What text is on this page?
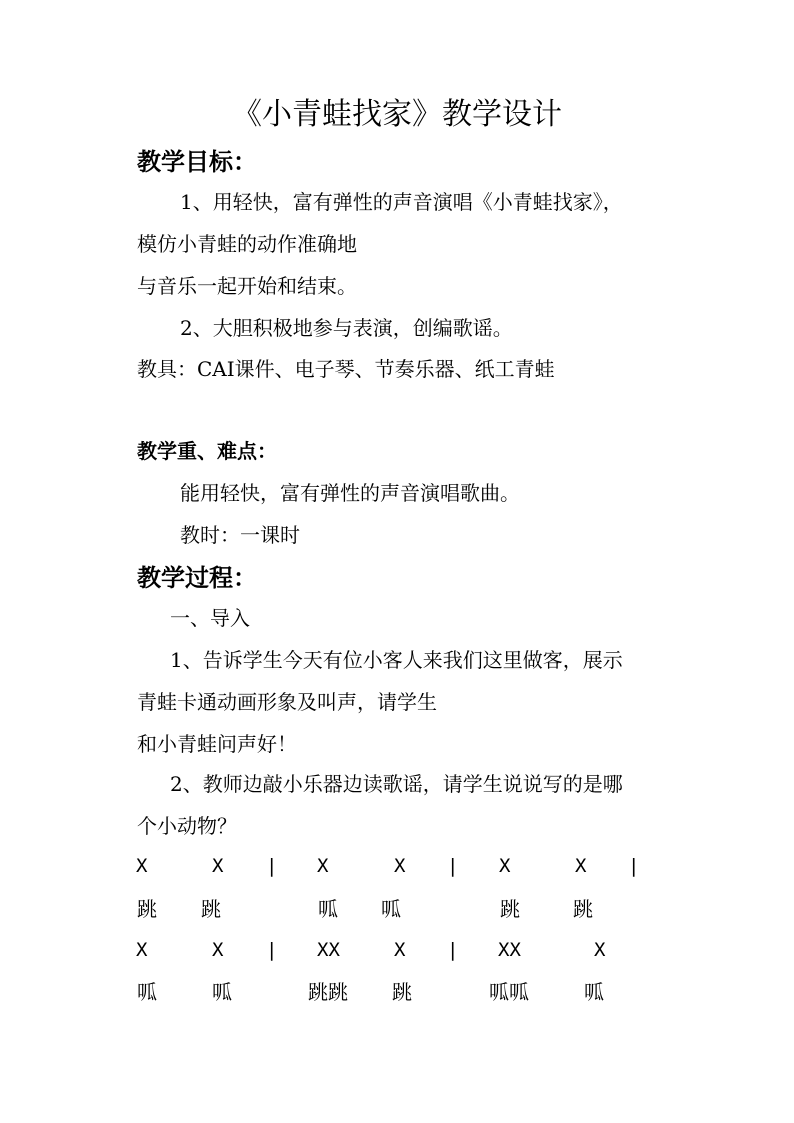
《小青蛙找家》教学设计
教学目标：
1、用轻快，富有弹性的声音演唱《小青蛙找家》，
模仿小青蛙的动作准确地
与音乐一起开始和结束。
2、大胆积极地参与表演，创编歌谣。
教具：CAI课件、电子琴、节奏乐器、纸工青蛙
教学重、难点：
能用轻快，富有弹性的声音演唱歌曲。
教时：一课时
教学过程：
一、导入
1、告诉学生今天有位小客人来我们这里做客，展示
青蛙卡通动画形象及叫声，请学生
和小青蛙问声好！
2、教师边敲小乐器边读歌谣，请学生说说写的是哪
个小动物？
X	X | X	X | X	X |
跳 跳	呱 呱	跳	跳
X	X | XX	X | XX	X
呱	呱	跳跳 跳	呱呱	呱
